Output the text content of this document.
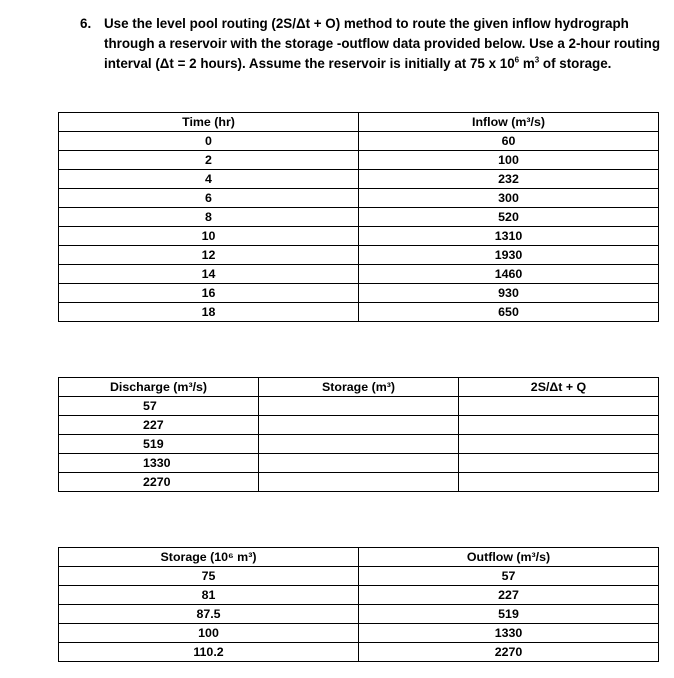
6. Use the level pool routing (2S/Δt + O) method to route the given inflow hydrograph
through a reservoir with the storage -outflow data provided below. Use a 2-hour routing
interval (Δt = 2 hours). Assume the reservoir is initially at 75 x $10^6$ $m^3$ of storage.
Time (hr)	Inflow (m³/s)
0	60
2	100
4	232
6	300
8	520
10	1310
12	1930
14	1460
16	930
18	650
Discharge (m³/s)	Storage (m³)	2S/Δt + Q
57		
227		
519		
1330		
2270		
Storage (10⁶ m³)	Outflow (m³/s)
75	57
81	227
87.5	519
100	1330
110.2	2270
